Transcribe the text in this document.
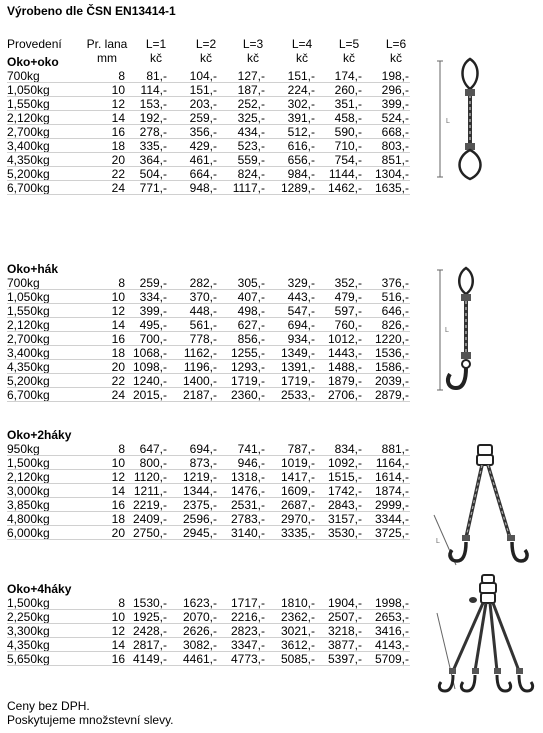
Výrobeno dle ČSN EN13414-1
Provedení	Pr. lana	L=1	L=2	L=3	L=4	L=5	L=6
mm	kč	kč	kč	kč	kč	kč
Oko+oko
700kg	8	81,-	104,-	127,-	151,-	174,-	198,-
1,050kg	10	114,-	151,-	187,-	224,-	260,-	296,-
1,550kg	12	153,-	203,-	252,-	302,-	351,-	399,-
2,120kg	14	192,-	259,-	325,-	391,-	458,-	524,-
2,700kg	16	278,-	356,-	434,-	512,-	590,-	668,-
3,400kg	18	335,-	429,-	523,-	616,-	710,-	803,-
4,350kg	20	364,-	461,-	559,-	656,-	754,-	851,-
5,200kg	22	504,-	664,-	824,-	984,-	1144,-	1304,-
6,700kg	24	771,-	948,-	1117,-	1289,-	1462,-	1635,-
Oko+hák
700kg	8	259,-	282,-	305,-	329,-	352,-	376,-
1,050kg	10	334,-	370,-	407,-	443,-	479,-	516,-
1,550kg	12	399,-	448,-	498,-	547,-	597,-	646,-
2,120kg	14	495,-	561,-	627,-	694,-	760,-	826,-
2,700kg	16	700,-	778,-	856,-	934,-	1012,-	1220,-
3,400kg	18 1068,-	1162,-	1255,-	1349,-	1443,-	1536,-
4,350kg	20 1098,-	1196,-	1293,-	1391,-	1488,-	1586,-
5,200kg	22 1240,-	1400,-	1719,-	1719,-	1879,-	2039,-
6,700kg	24 2015,-	2187,-	2360,-	2533,-	2706,-	2879,-
Oko+2háky
950kg	8	647,-	694,-	741,-	787,-	834,-	881,-
1,500kg	10	800,-	873,-	946,-	1019,-	1092,-	1164,-
2,120kg	12 1120,-	1219,-	1318,-	1417,-	1515,-	1614,-
3,000kg	14 1211,-	1344,-	1476,-	1609,-	1742,-	1874,-
3,850kg	16 2219,-	2375,-	2531,-	2687,-	2843,-	2999,-
4,800kg	18 2409,-	2596,-	2783,-	2970,-	3157,-	3344,-
6,000kg	20 2750,-	2945,-	3140,-	3335,-	3530,-	3725,-
Oko+4háky
1,500kg	8 1530,-	1623,-	1717,-	1810,-	1904,-	1998,-
2,250kg	10 1925,-	2070,-	2216,-	2362,-	2507,-	2653,-
3,300kg	12 2428,-	2626,-	2823,-	3021,-	3218,-	3416,-
4,350kg	14 2817,-	3082,-	3347,-	3612,-	3877,-	4143,-
5,650kg	16 4149,-	4461,-	4773,-	5085,-	5397,-	5709,-
L
L
L
Ceny bez DPH.
Poskytujeme množstevní slevy.
